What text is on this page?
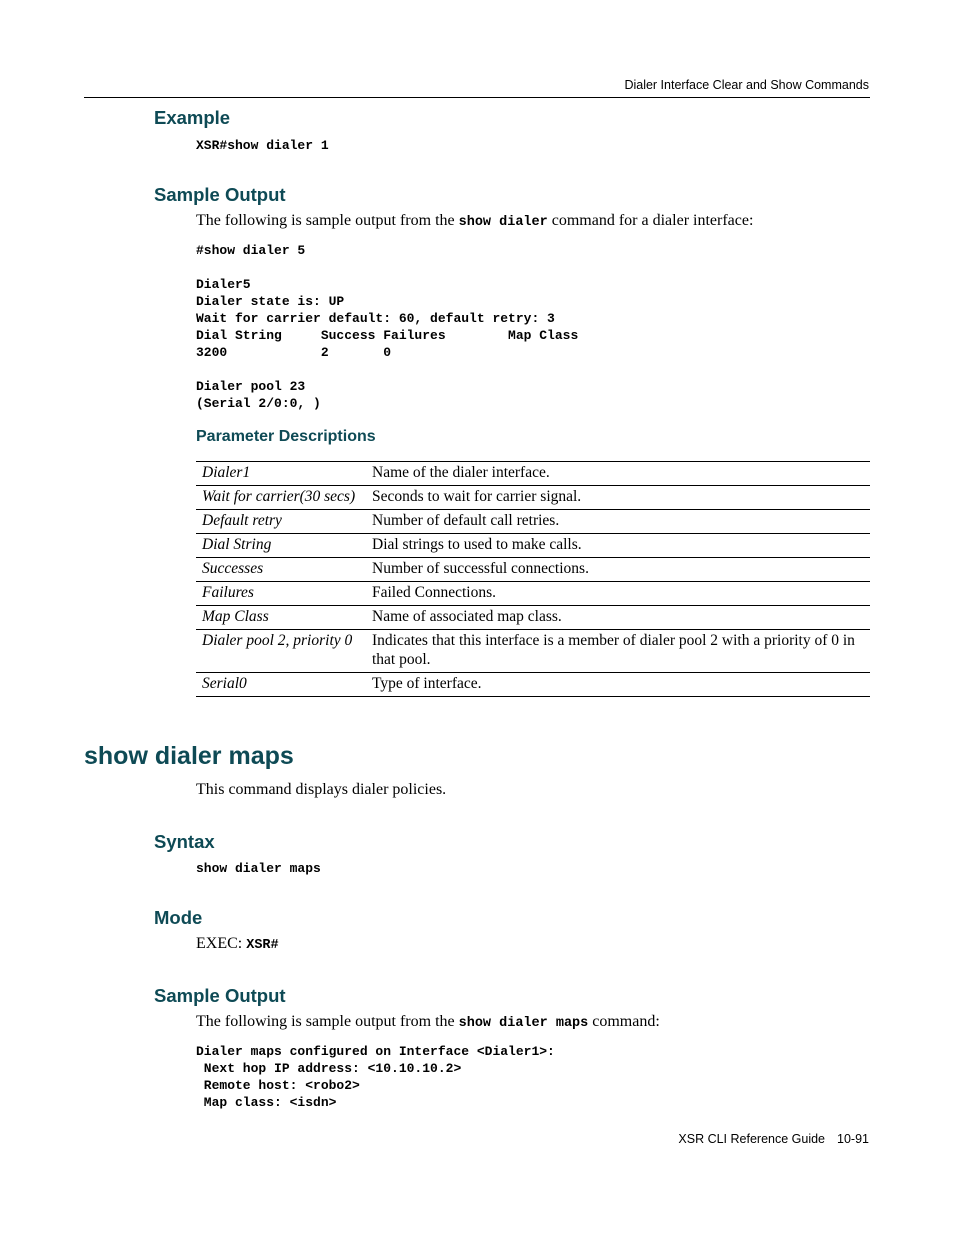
Dialer Interface Clear and Show Commands
Example
XSR#show dialer 1
Sample Output
The following is sample output from the show dialer command for a dialer interface:
#show dialer 5

Dialer5
Dialer state is: UP
Wait for carrier default: 60, default retry: 3
Dial String     Success Failures        Map Class
3200            2       0

Dialer pool 23
(Serial 2/0:0, )
Parameter Descriptions
Dialer1	Name of the dialer interface.
Wait for carrier(30 secs)	Seconds to wait for carrier signal.
Default retry	Number of default call retries.
Dial String	Dial strings to used to make calls.
Successes	Number of successful connections.
Failures	Failed Connections.
Map Class	Name of associated map class.
Dialer pool 2, priority 0	Indicates that this interface is a member of dialer pool 2 with a priority of 0 in that pool.
Serial0	Type of interface.
show dialer maps
This command displays dialer policies.
Syntax
show dialer maps
Mode
EXEC: XSR#
Sample Output
The following is sample output from the show dialer maps command:
Dialer maps configured on Interface <Dialer1>:
Next hop IP address: <10.10.10.2>
Remote host: <robo2>
Map class: <isdn>
XSR CLI Reference Guide 10-91
